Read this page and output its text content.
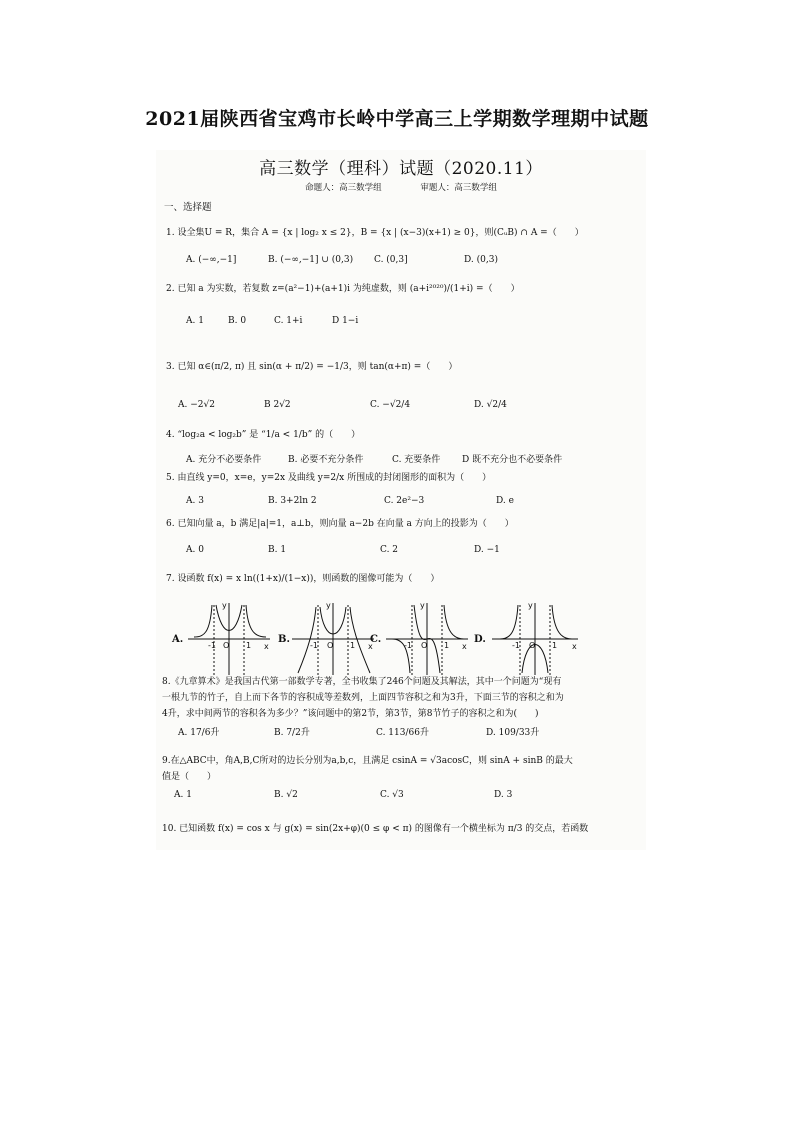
2021届陕西省宝鸡市长岭中学高三上学期数学理期中试题
高三数学（理科）试题（2020.11）
命题人：高三数学组	审题人：高三数学组
一、选择题
1. 设全集U = R，集合 A = {x | log₂ x ≤ 2}，B = {x | (x−3)(x+1) ≥ 0}，则(CᵤB) ∩ A =（　　）
A. (−∞,−1]	B. (−∞,−1] ∪ (0,3) C. (0,3]	D. (0,3)
2. 已知 a 为实数，若复数 z=(a²−1)+(a+1)i 为纯虚数，则 (a+i²⁰²⁰)/(1+i) =（　　）
A. 1	B. 0	C. 1+i	D 1−i
3. 已知 α∈(π/2, π) 且 sin(α + π/2) = −1/3，则 tan(α+π) =（　　）
A. −2√2	B 2√2	C. −√2/4	D. √2/4
4. “log₂a < log₂b” 是 “1/a < 1/b” 的（　　）
A. 充分不必要条件	B. 必要不充分条件	C. 充要条件 D 既不充分也不必要条件
5. 由直线 y=0，x=e，y=2x 及曲线 y=2/x 所围成的封闭图形的面积为（　　）
A. 3	B. 3+2ln 2	C. 2e²−3	D. e
6. 已知向量 a，b 满足|a|=1，a⊥b，则向量 a−2b 在向量 a 方向上的投影为（　　）
A. 0	B. 1	C. 2	D. −1
7. 设函数 f(x) = x ln((1+x)/(1−x))，则函数的图像可能为（　　）
A.
y
x
O
-1	1
B.
y
x
O
-1	1
C.
y
x
O
-1	1
D.
y
x
O
-1	1
8.《九章算术》是我国古代第一部数学专著，全书收集了246个问题及其解法，其中一个问题为“现有
一根九节的竹子，自上而下各节的容积成等差数列，上面四节容积之和为3升，下面三节的容积之和为
4升，求中间两节的容积各为多少？”该问题中的第2节，第3节，第8节竹子的容积之和为(　　)
A. 17/6升	B. 7/2升	C. 113/66升	D. 109/33升
9.在△ABC中，角A,B,C所对的边长分别为a,b,c，且满足 csinA = √3acosC，则 sinA + sinB 的最大
值是（　　）
A. 1	B. √2	C. √3	D. 3
10. 已知函数 f(x) = cos x 与 g(x) = sin(2x+φ)(0 ≤ φ < π) 的图像有一个横坐标为 π/3 的交点，若函数
